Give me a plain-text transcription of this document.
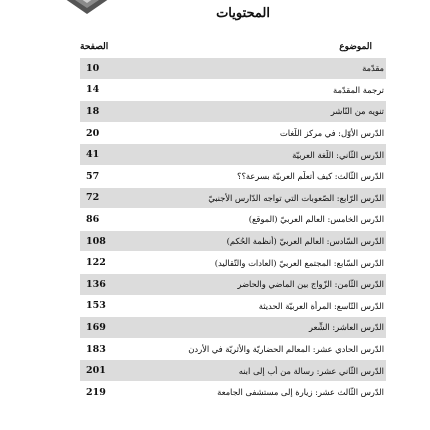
المحتويات
الصفحة	الموضوع
10	مقدّمة
14	ترجمة المقدّمة
18	تنويه من النّاشر
20	الدّرس الأوّل: في مركز اللّغات
41	الدّرس الثّاني: اللّغة العربيّة
57	الدّرس الثّالث: كيف أتعلّم العربيّة بسرعة؟؟
72	الدّرس الرّابع: الصّعوبات التي تواجه الدّارس الأجنبيّ
86	الدّرس الخامس: العالم العربيّ (الموقع)
108	الدّرس السّادس: العالم العربيّ (أنظمة الحُكم)
122	الدّرس السّابع: المجتمع العربيّ (العادات والتّقاليد)
136	الدّرس الثّامن: الزّواج بين الماضي والحاضر
153	الدّرس التّاسع: المرأة العربيّة الحديثة
169	الدّرس العاشر: الشِّعر
183	الدّرس الحادي عشر: المعالم الحضاريّة والأثريّة في الأردن
201	الدّرس الثّاني عشر: رسالة من أب إلى ابنه
219	الدّرس الثّالث عشر: زيارة إلى مستشفى الجامعة
